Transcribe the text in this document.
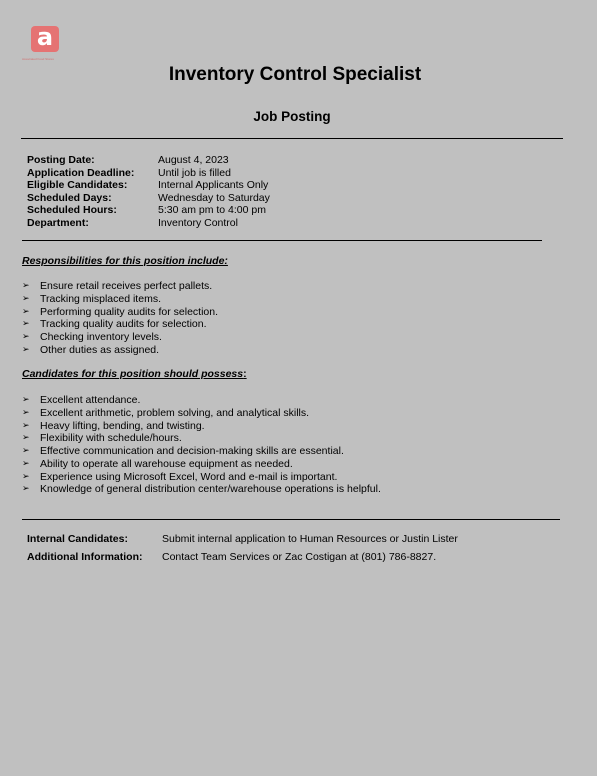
a
Associated Food Stores
Inventory Control Specialist
Job Posting
Posting Date:	August 4, 2023
Application Deadline:	Until job is filled
Eligible Candidates:	Internal Applicants Only
Scheduled Days:	Wednesday to Saturday
Scheduled Hours:	5:30 am pm to 4:00 pm
Department:	Inventory Control
Responsibilities for this position include:
➢ Ensure retail receives perfect pallets.
➢ Tracking misplaced items.
➢ Performing quality audits for selection.
➢ Tracking quality audits for selection.
➢ Checking inventory levels.
➢ Other duties as assigned.
Candidates for this position should possess:
➢ Excellent attendance.
➢ Excellent arithmetic, problem solving, and analytical skills.
➢ Heavy lifting, bending, and twisting.
➢ Flexibility with schedule/hours.
➢ Effective communication and decision-making skills are essential.
➢ Ability to operate all warehouse equipment as needed.
➢ Experience using Microsoft Excel, Word and e-mail is important.
➢ Knowledge of general distribution center/warehouse operations is helpful.
Internal Candidates:	Submit internal application to Human Resources or Justin Lister
Additional Information:	Contact Team Services or Zac Costigan at (801) 786-8827.
